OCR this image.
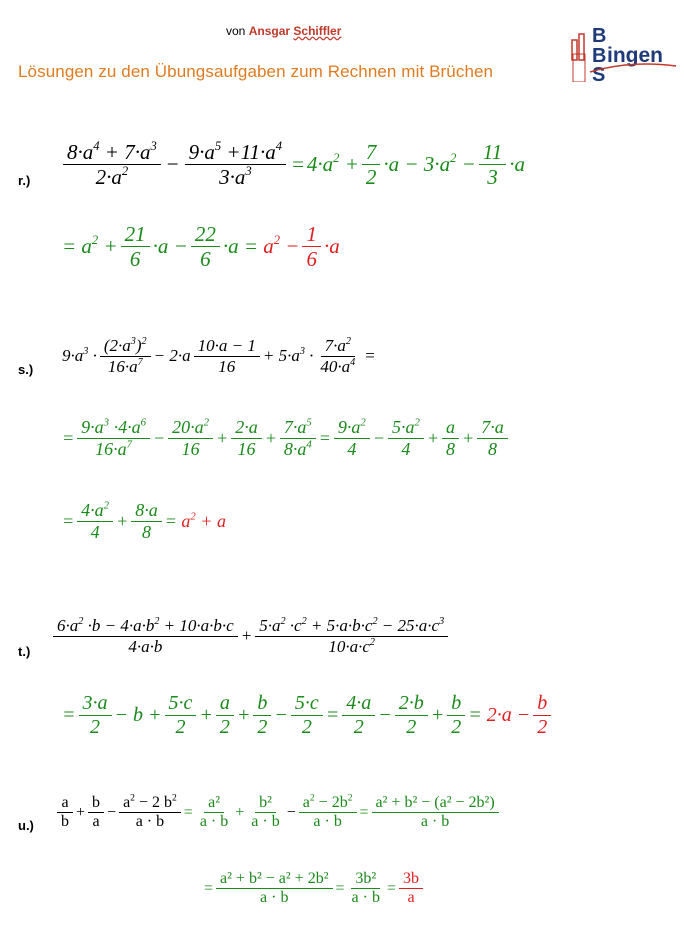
von Ansgar Schiffler
Lösungen zu den Übungsaufgaben zum Rechnen mit Brüchen
B
B
S
ingen
r.)
s.)
t.)
u.)
$8\cdot a^4 + 7\cdot a^3$
$2\cdot a^2 - \frac{9\cdot a^5 +11\cdot a^4}{3\cdot a^3} = 4\cdot a^2 + \frac{7}{2} \cdot a - 3\cdot a^2 - \frac{11}{3} \cdot a$
= $a^2 + \frac{21}{6} \cdot a - \frac{22}{6} \cdot a = a^2 - \frac{1}{6} \cdot a$
$9\cdot a^3$ ·
$(2\cdot a^3)^2$
$16\cdot a^7 - 2\cdot a$
10·a − 1
16
+ $5\cdot a^3 \cdot \frac{7\cdot a^2}{40\cdot a^4}$ =
= $\frac{9\cdot a^3 \cdot 4\cdot a^6}{16\cdot a^7} - \frac{20\cdot a^2}{16} + \frac{2\cdot a}{16} + \frac{7\cdot a^5}{8\cdot a^4} = \frac{9\cdot a^2}{4} - \frac{5\cdot a^2}{4} + \frac{a}{8} + \frac{7\cdot a}{8}$
= $\frac{4\cdot a^2}{4} + \frac{8\cdot a}{8} = a^2 + a$
$6\cdot a^2 \cdot b - 4\cdot a\cdot b^2 + 10\cdot a\cdot b\cdot c$
4·a·b
+ $\frac{5\cdot a^2 \cdot c^2 + 5\cdot a\cdot b\cdot c^2 - 25\cdot a\cdot c^3}{10\cdot a\cdot c^2}$
= $\frac{3\cdot a}{2} - b + \frac{5\cdot c}{2} + \frac{a}{2} + \frac{b}{2} - \frac{5\cdot c}{2} = \frac{4\cdot a}{2} - \frac{2\cdot b}{2} + \frac{b}{2} = 2\cdot a - \frac{b}{2}$
a
b
+ $\frac{b}{a} - \frac{a^2 - 2 b^2}{a \cdot b} = \frac{\text{a²}}{a \cdot b} + \frac{\text{b²}}{a \cdot b} - \frac{a^2 - 2b^2}{a \cdot b} = \frac{\text{a² + b² − (a² − 2b²)}}{a \cdot b}$
= $\frac{\text{a² + b² − a² + 2b²}}{a \cdot b} = \frac{\text{3b²}}{a \cdot b} = \frac{3b}{a}$
